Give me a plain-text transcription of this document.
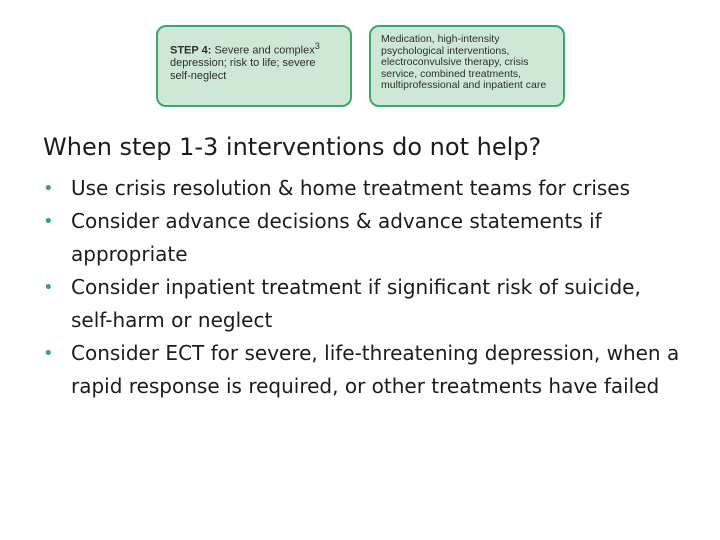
STEP 4: Severe and complex$^3$ depression; risk to life; severe self-neglect
Medication, high-intensity psychological interventions, electroconvulsive therapy, crisis service, combined treatments, multiprofessional and inpatient care
When step 1-3 interventions do not help?
• Use crisis resolution & home treatment teams for crises
• Consider advance decisions & advance statements if appropriate
• Consider inpatient treatment if significant risk of suicide, self-harm or neglect
• Consider ECT for severe, life-threatening depression, when a rapid response is required, or other treatments have failed
